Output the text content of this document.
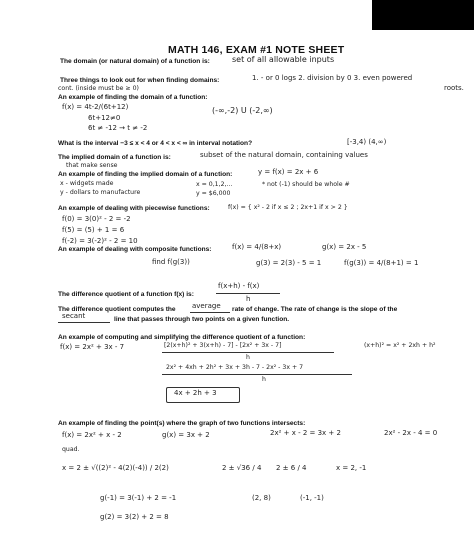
MATH 146, EXAM #1 NOTE SHEET
The domain (or natural domain) of a function is:	set of all allowable inputs
Three things to look out for when finding domains:	1. - or 0 logs 2. division by 0 3. even powered
roots.
cont. (inside must be ≥ 0)
An example of finding the domain of a function:
f(x) = 4t-2/(6t+12)
6t+12≠0
6t ≠ -12 → t ≠ -2
(-∞,-2) U (-2,∞)
What is the interval −3 ≤ x < 4 or 4 < x < ∞ in interval notation?	[-3,4) (4,∞)
The implied domain of a function is:	subset of the natural domain, containing values
that make sense
An example of finding the implied domain of a function:	y = f(x) = 2x + 6
x - widgets made
y - dollars to manufacture
x = 0,1,2,...
y = $6,000
* not (-1) should be whole #
An example of dealing with piecewise functions:	f(x) = { x² - 2 if x ≤ 2 ; 2x+1 if x > 2 }
f(0) = 3(0)² - 2 = -2
f(5) = (5) + 1 = 6
f(-2) = 3(-2)² - 2 = 10
An example of dealing with composite functions:	f(x) = 4/(8+x)	g(x) = 2x - 5
find f(g(3))	g(3) = 2(3) - 5 = 1	f(g(3)) = 4/(8+1) = 1
The difference quotient of a function f(x) is:
f(x+h) - f(x)
h
The difference quotient computes the average rate of change. The rate of change is the slope of the
secant	line that passes through two points on a given function.
An example of computing and simplifying the difference quotient of a function:
f(x) = 2x² + 3x - 7	[2(x+h)² + 3(x+h) - 7] - [2x² + 3x - 7]
h
(x+h)² = x² + 2xh + h²
2x² + 4xh + 2h² + 3x + 3h - 7 - 2x² - 3x + 7
h
4x + 2h + 3
An example of finding the point(s) where the graph of two functions intersects:
f(x) = 2x² + x - 2	g(x) = 3x + 2	2x² + x - 2 = 3x + 2	2x² - 2x - 4 = 0
quad.
x = 2 ± √((2)² - 4(2)(-4)) / 2(2)	2 ± √36 / 4 2 ± 6 / 4	x = 2, -1
g(-1) = 3(-1) + 2 = -1
g(2) = 3(2) + 2 = 8
(2, 8)	(-1, -1)
